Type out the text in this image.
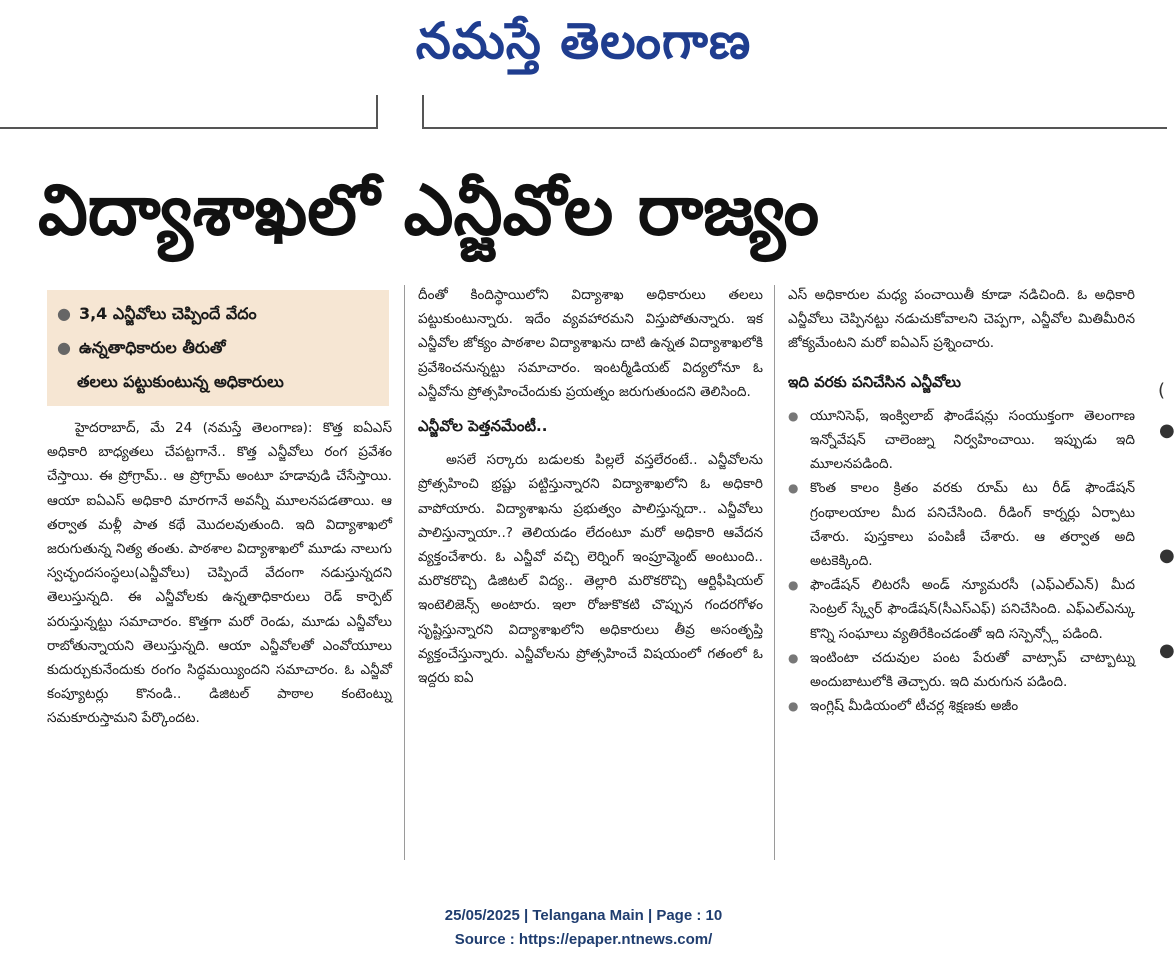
నమస్తే తెలంగాణ
విద్యాశాఖలో ఎన్జీవోల రాజ్యం
● 3,4 ఎన్జీవోలు చెప్పిందే వేదం
● ఉన్నతాధికారుల తీరుతో
తలలు పట్టుకుంటున్న అధికారులు

హైదరాబాద్, మే 24 (నమస్తే తెలంగాణ): కొత్త ఐఏఎస్ అధికారి బాధ్యతలు చేపట్టగానే.. కొత్త ఎన్జీవోలు రంగ ప్రవేశం చేస్తాయి. ఈ ప్రోగ్రామ్.. ఆ ప్రోగ్రామ్ అంటూ హడావుడి చేసేస్తాయి. ఆయా ఐఏఎస్ అధికారి మారగానే అవన్నీ మూలనపడతాయి. ఆ తర్వాత మళ్లీ పాత కథే మొదలవుతుంది. ఇది విద్యాశాఖలో జరుగుతున్న నిత్య తంతు. పాఠశాల విద్యాశాఖలో మూడు నాలుగు స్వచ్ఛందసంస్థలు(ఎన్జీవోలు) చెప్పిందే వేదంగా నడుస్తున్నదని తెలుస్తున్నది. ఈ ఎన్జీవోలకు ఉన్నతాధికారులు రెడ్ కార్పెట్ పరుస్తున్నట్టు సమాచారం. కొత్తగా మరో రెండు, మూడు ఎన్జీవోలు రాబోతున్నాయని తెలుస్తున్నది. ఆయా ఎన్జీవోలతో ఎంవోయూలు కుదుర్చుకునేందుకు రంగం సిద్ధమయ్యిందని సమాచారం. ఓ ఎన్జీవో కంప్యూటర్లు కొనండి.. డిజిటల్ పాఠాల కంటెంట్ను సమకూరుస్తామని పేర్కొందట.

దీంతో కిందిస్థాయిలోని విద్యాశాఖ అధికారులు తలలు పట్టుకుంటున్నారు. ఇదేం వ్యవహారమని విస్తుపోతున్నారు. ఇక ఎన్జీవోల జోక్యం పాఠశాల విద్యాశాఖను దాటి ఉన్నత విద్యాశాఖలోకి ప్రవేశించనున్నట్టు సమాచారం. ఇంటర్మీడియట్ విద్యలోనూ ఓ ఎన్జీవోను ప్రోత్సహించేందుకు ప్రయత్నం జరుగుతుందని తెలిసింది.

ఎన్జీవోల పెత్తనమేంటీ..

అసలే సర్కారు బడులకు పిల్లలే వస్తలేరంటే.. ఎన్జీవోలను ప్రోత్సహించి భ్రష్టు పట్టిస్తున్నారని విద్యాశాఖలోని ఓ అధికారి వాపోయారు. విద్యాశాఖను ప్రభుత్వం పాలిస్తున్నదా.. ఎన్జీవోలు పాలిస్తున్నాయా..? తెలియడం లేదంటూ మరో అధికారి ఆవేదన వ్యక్తంచేశారు. ఓ ఎన్జీవో వచ్చి లెర్నింగ్ ఇంప్రూవ్మెంట్ అంటుంది.. మరొకరొచ్చి డిజిటల్ విద్య.. తెల్లారి మరొకరొచ్చి ఆర్టిఫీషియల్ ఇంటెలిజెన్స్ అంటారు. ఇలా రోజుకొకటి చొప్పున గందరగోళం సృష్టిస్తున్నారని విద్యాశాఖలోని అధికారులు తీవ్ర అసంతృప్తి వ్యక్తంచేస్తున్నారు. ఎన్జీవోలను ప్రోత్సహించే విషయంలో గతంలో ఓ ఇద్దరు ఐఏ

ఎస్ అధికారుల మధ్య పంచాయితీ కూడా నడిచింది. ఓ అధికారి ఎన్జీవోలు చెప్పినట్టు నడుచుకోవాలని చెప్పగా, ఎన్జీవోల మితిమీరిన జోక్యమేంటని మరో ఐఏఎస్ ప్రశ్నించారు.

ఇది వరకు పనిచేసిన ఎన్జీవోలు

● యూనిసెఫ్, ఇంక్విలాబ్ ఫౌండేషన్లు సంయుక్తంగా తెలంగాణ ఇన్నోవేషన్ చాలెంజ్ను నిర్వహించాయి. ఇప్పుడు ఇది మూలనపడింది.

● కొంత కాలం క్రితం వరకు రూమ్ టు రీడ్ ఫౌండేషన్ గ్రంథాలయాల మీద పనిచేసింది. రీడింగ్ కార్నర్లు ఏర్పాటు చేశారు. పుస్తకాలు పంపిణీ చేశారు. ఆ తర్వాత అది అటకెక్కింది.

● ఫౌండేషన్ లిటరసీ అండ్ న్యూమరసీ (ఎఫ్ఎల్ఎన్) మీద సెంట్రల్ స్క్వేర్ ఫౌండేషన్(సీఎస్ఎఫ్) పనిచేసింది. ఎఫ్ఎల్ఎన్కు కొన్ని సంఘాలు వ్యతిరేకించడంతో ఇది సస్పెన్స్లో పడింది.

● ఇంటింటా చదువుల పంట పేరుతో వాట్సాప్ చాట్బాట్ను అందుబాటులోకి తెచ్చారు. ఇది మరుగున పడింది.

● ఇంగ్లిష్ మీడియంలో టీచర్ల శిక్షణకు అజీం

(
●
●
●
25/05/2025 | Telangana Main | Page : 10
Source : https://epaper.ntnews.com/
